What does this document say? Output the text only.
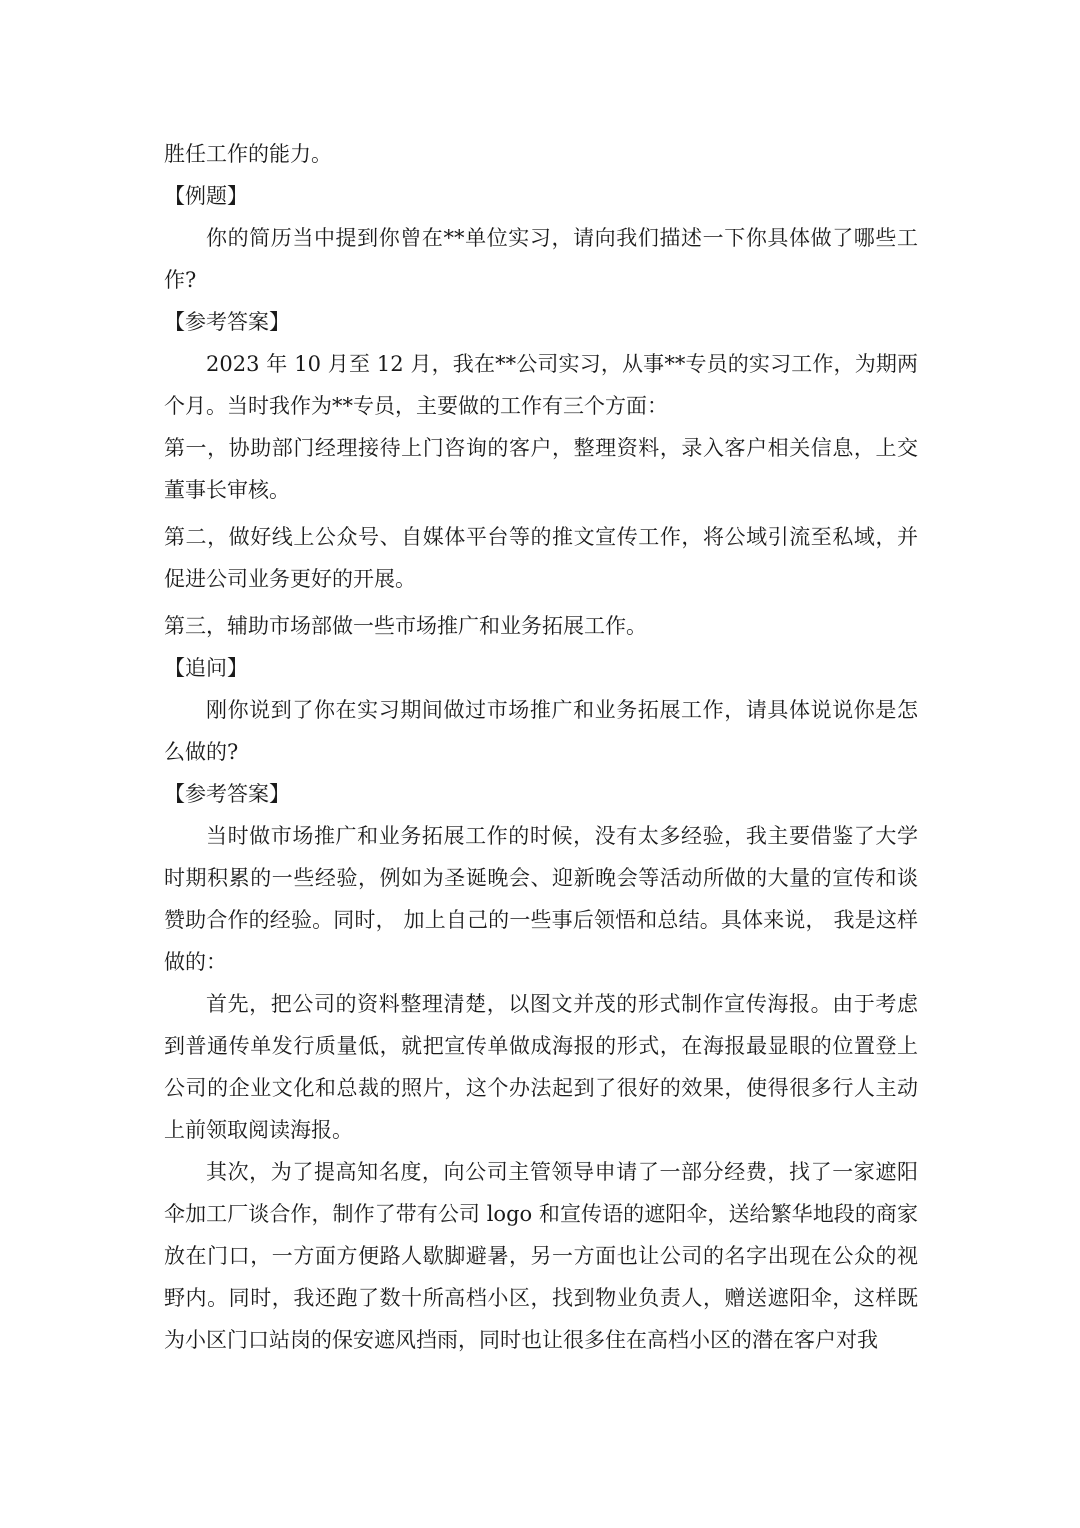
胜任工作的能力。

【例题】

你的简历当中提到你曾在**单位实习，请向我们描述一下你具体做了哪些工作?

【参考答案】

2023 年 10 月至 12 月，我在**公司实习，从事**专员的实习工作，为期两个月。当时我作为**专员，主要做的工作有三个方面：

第一，协助部门经理接待上门咨询的客户，整理资料，录入客户相关信息，上交董事长审核。

第二，做好线上公众号、自媒体平台等的推文宣传工作，将公域引流至私域，并促进公司业务更好的开展。

第三，辅助市场部做一些市场推广和业务拓展工作。

【追问】

刚你说到了你在实习期间做过市场推广和业务拓展工作，请具体说说你是怎么做的?

【参考答案】

当时做市场推广和业务拓展工作的时候，没有太多经验，我主要借鉴了大学时期积累的一些经验，例如为圣诞晚会、迎新晚会等活动所做的大量的宣传和谈赞助合作的经验。同时， 加上自己的一些事后领悟和总结。具体来说， 我是这样做的：

首先，把公司的资料整理清楚，以图文并茂的形式制作宣传海报。由于考虑到普通传单发行质量低，就把宣传单做成海报的形式，在海报最显眼的位置登上公司的企业文化和总裁的照片，这个办法起到了很好的效果，使得很多行人主动上前领取阅读海报。

其次，为了提高知名度，向公司主管领导申请了一部分经费，找了一家遮阳伞加工厂谈合作，制作了带有公司 logo 和宣传语的遮阳伞，送给繁华地段的商家放在门口，一方面方便路人歇脚避暑，另一方面也让公司的名字出现在公众的视野内。同时，我还跑了数十所高档小区，找到物业负责人，赠送遮阳伞，这样既为小区门口站岗的保安遮风挡雨，同时也让很多住在高档小区的潜在客户对我
